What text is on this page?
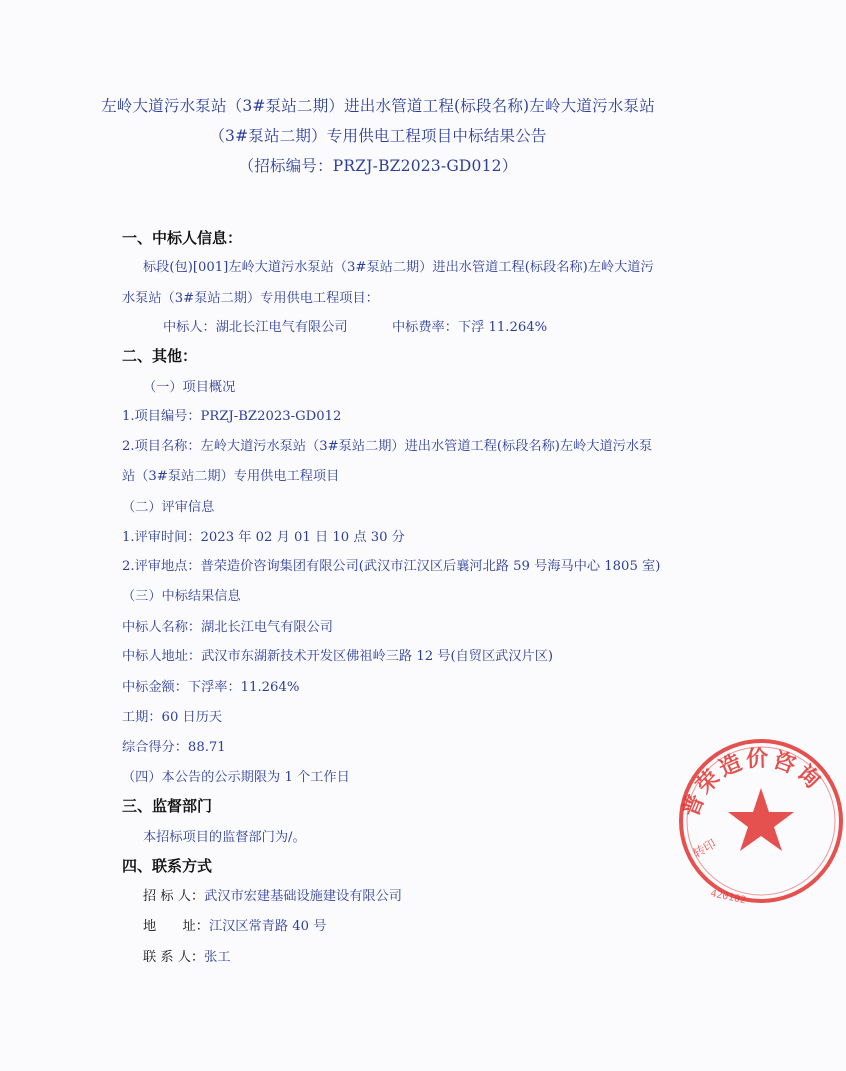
左岭大道污水泵站（3#泵站二期）进出水管道工程(标段名称)左岭大道污水泵站
（3#泵站二期）专用供电工程项目中标结果公告
（招标编号：PRZJ-BZ2023-GD012）
一、中标人信息：
标段(包)[001]左岭大道污水泵站（3#泵站二期）进出水管道工程(标段名称)左岭大道污
水泵站（3#泵站二期）专用供电工程项目：
中标人：湖北长江电气有限公司	中标费率：下浮 11.264%
二、其他：
（一）项目概况
1.项目编号：PRZJ-BZ2023-GD012
2.项目名称：左岭大道污水泵站（3#泵站二期）进出水管道工程(标段名称)左岭大道污水泵
站（3#泵站二期）专用供电工程项目
（二）评审信息
1.评审时间：2023 年 02 月 01 日 10 点 30 分
2.评审地点：普荣造价咨询集团有限公司(武汉市江汉区后襄河北路 59 号海马中心 1805 室)
（三）中标结果信息
中标人名称：湖北长江电气有限公司
中标人地址：武汉市东湖新技术开发区佛祖岭三路 12 号(自贸区武汉片区)
中标金额：下浮率：11.264%
工期：60 日历天
综合得分：88.71
（四）本公告的公示期限为 1 个工作日
三、监督部门
本招标项目的监督部门为/。
四、联系方式
招 标 人：武汉市宏建基础设施建设有限公司
地　　址：江汉区常青路 40 号
联 系 人：张工
普荣造价咨询
转印
420102
